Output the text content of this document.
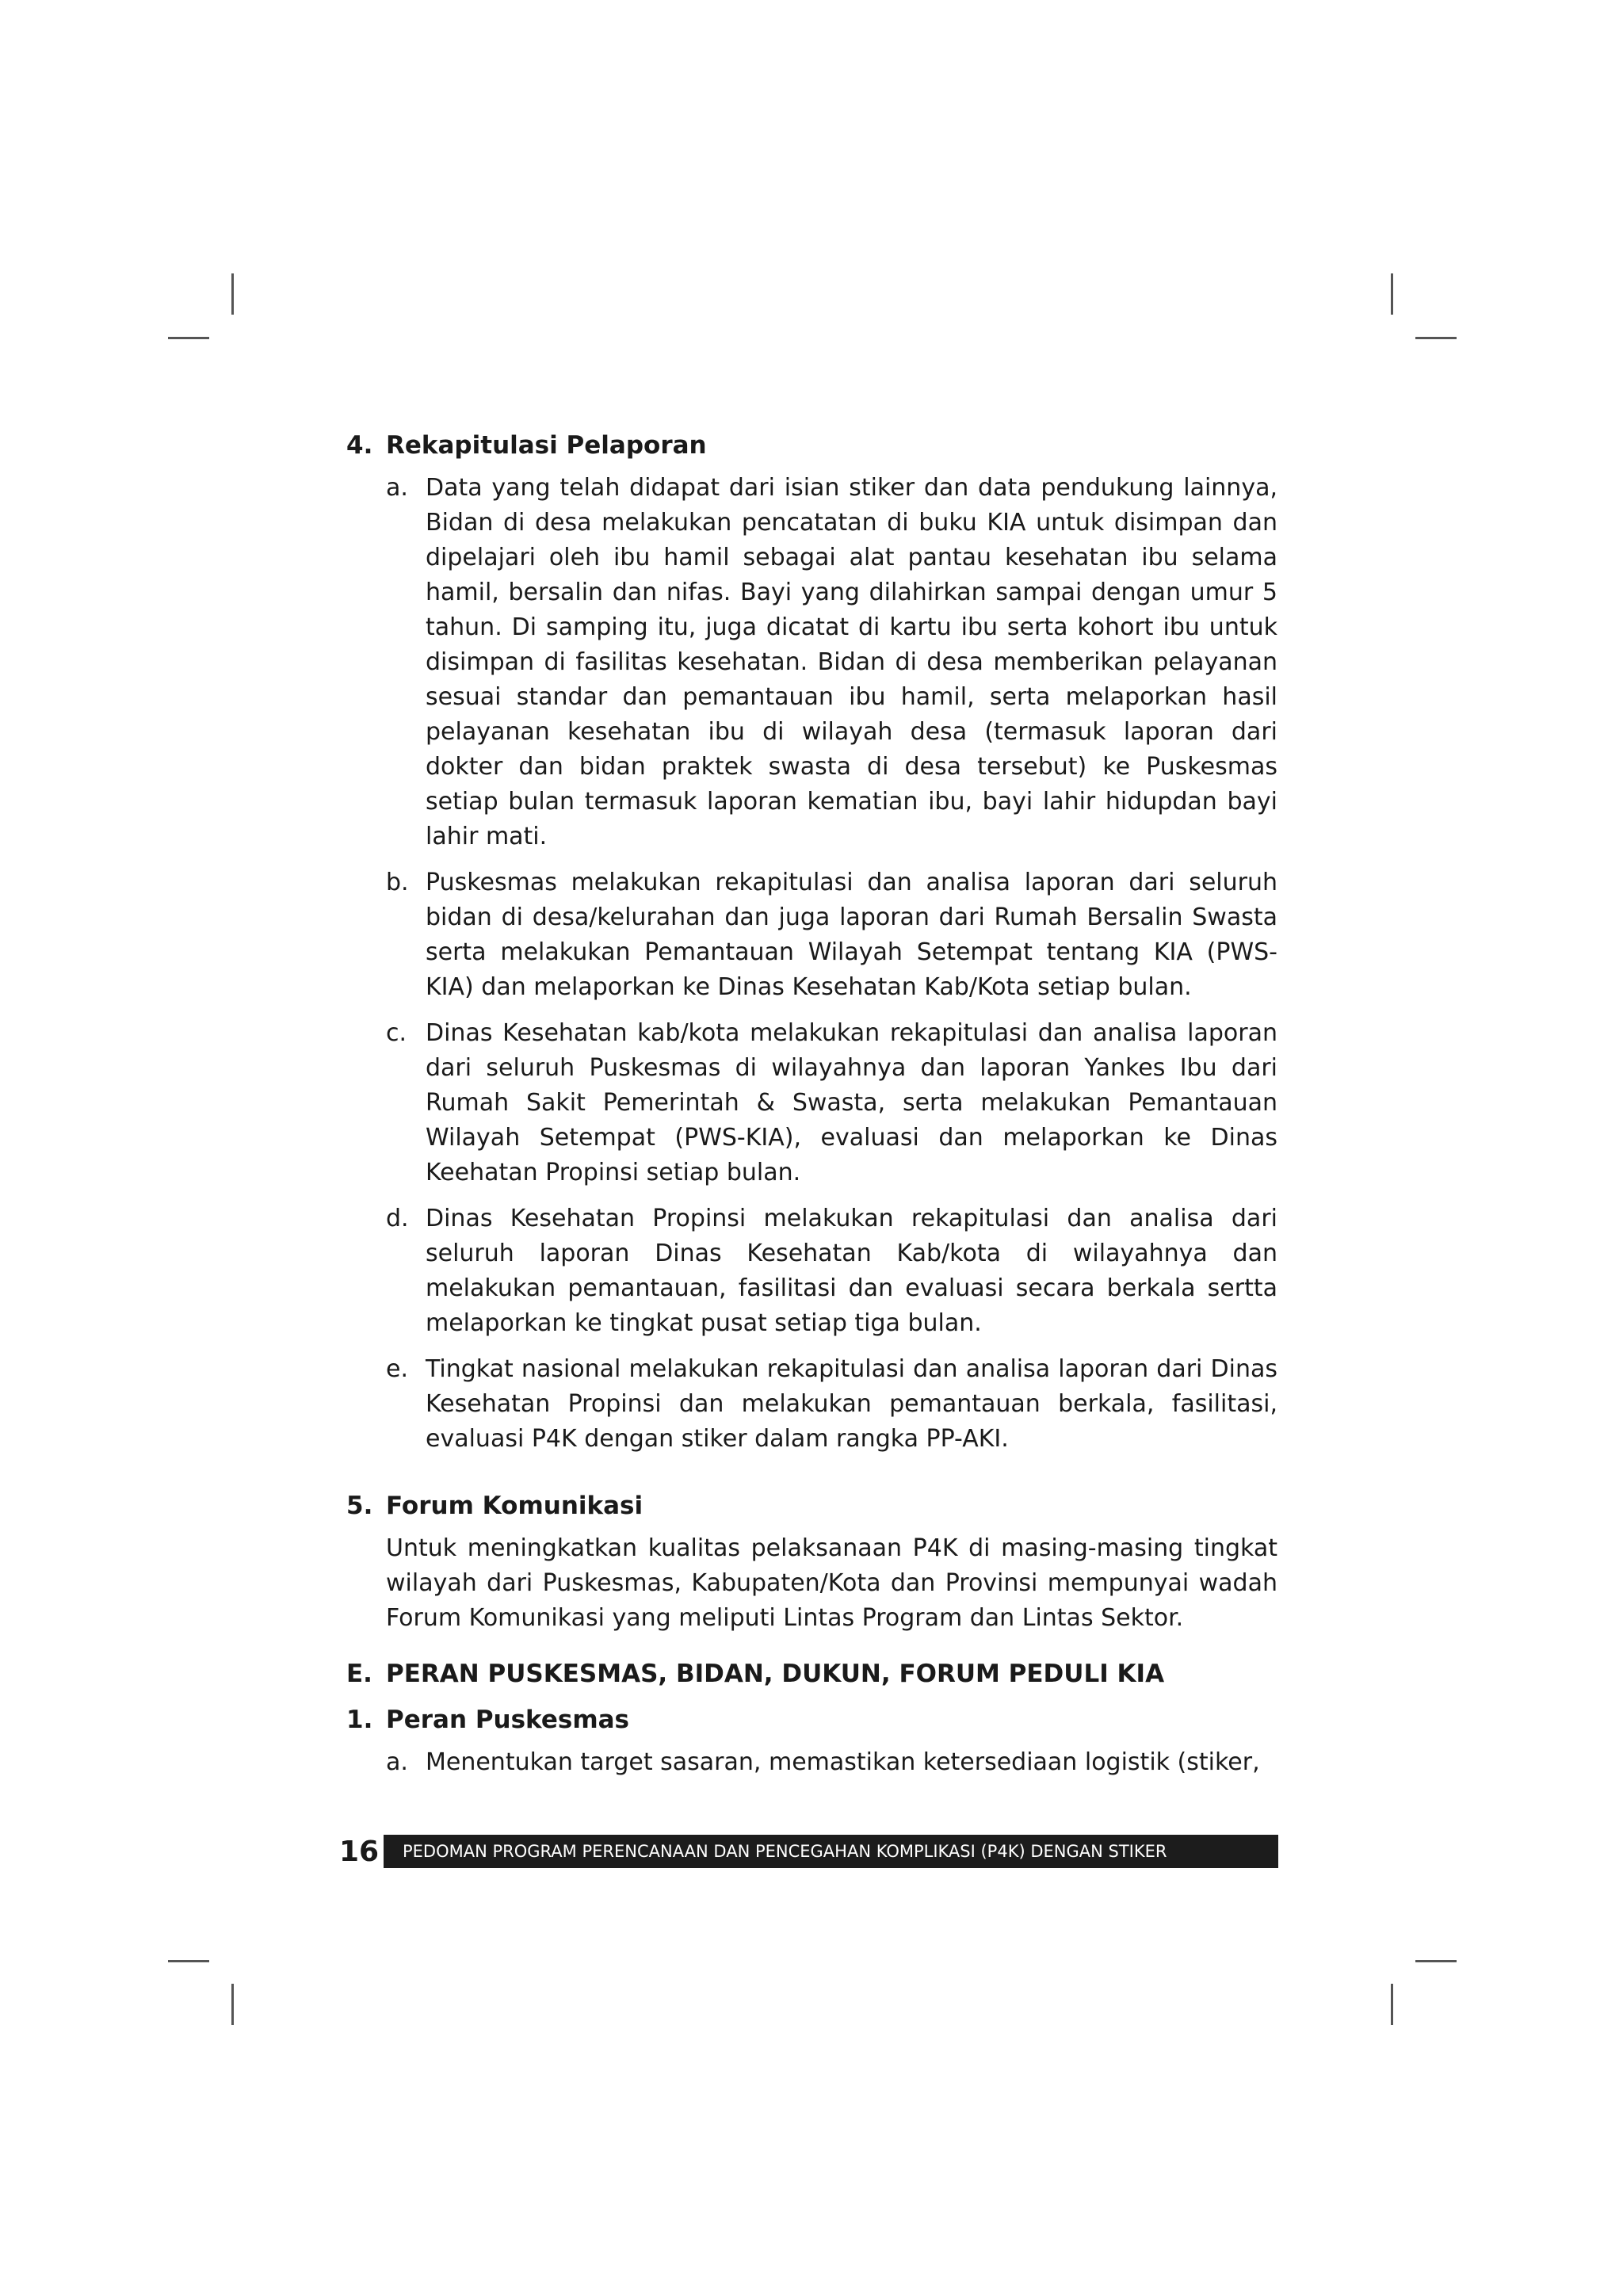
4. Rekapitulasi Pelaporan
a. Data yang telah didapat dari isian stiker dan data pendukung lainnya, Bidan di desa melakukan pencatatan di buku KIA untuk disimpan dan dipelajari oleh ibu hamil sebagai alat pantau kesehatan ibu selama hamil, bersalin dan nifas. Bayi yang dilahirkan sampai dengan umur 5 tahun. Di samping itu, juga dicatat di kartu ibu serta kohort ibu untuk disimpan di fasilitas kesehatan. Bidan di desa memberikan pelayanan sesuai standar dan pemantauan ibu hamil, serta melaporkan hasil pelayanan kesehatan ibu di wilayah desa (termasuk laporan dari dokter dan bidan praktek swasta di desa tersebut) ke Puskesmas setiap bulan termasuk laporan kematian ibu, bayi lahir hidupdan bayi lahir mati.
b. Puskesmas melakukan rekapitulasi dan analisa laporan dari seluruh bidan di desa/kelurahan dan juga laporan dari Rumah Bersalin Swasta serta melakukan Pemantauan Wilayah Setempat tentang KIA (PWS-KIA) dan melaporkan ke Dinas Kesehatan Kab/Kota setiap bulan.
c. Dinas Kesehatan kab/kota melakukan rekapitulasi dan analisa laporan dari seluruh Puskesmas di wilayahnya dan laporan Yankes Ibu dari Rumah Sakit Pemerintah & Swasta, serta melakukan Pemantauan Wilayah Setempat (PWS-KIA), evaluasi dan melaporkan ke Dinas Keehatan Propinsi setiap bulan.
d. Dinas Kesehatan Propinsi melakukan rekapitulasi dan analisa dari seluruh laporan Dinas Kesehatan Kab/kota di wilayahnya dan melakukan pemantauan, fasilitasi dan evaluasi secara berkala sertta melaporkan ke tingkat pusat setiap tiga bulan.
e. Tingkat nasional melakukan rekapitulasi dan analisa laporan dari Dinas Kesehatan Propinsi dan melakukan pemantauan berkala, fasilitasi, evaluasi P4K dengan stiker dalam rangka PP-AKI.
5. Forum Komunikasi
Untuk meningkatkan kualitas pelaksanaan P4K di masing-masing tingkat wilayah dari Puskesmas, Kabupaten/Kota dan Provinsi mempunyai wadah Forum Komunikasi yang meliputi Lintas Program dan Lintas Sektor.
E. PERAN PUSKESMAS, BIDAN, DUKUN, FORUM PEDULI KIA
1. Peran Puskesmas
a. Menentukan target sasaran, memastikan ketersediaan logistik (stiker,
16	PEDOMAN PROGRAM PERENCANAAN DAN PENCEGAHAN KOMPLIKASI (P4K) DENGAN STIKER
